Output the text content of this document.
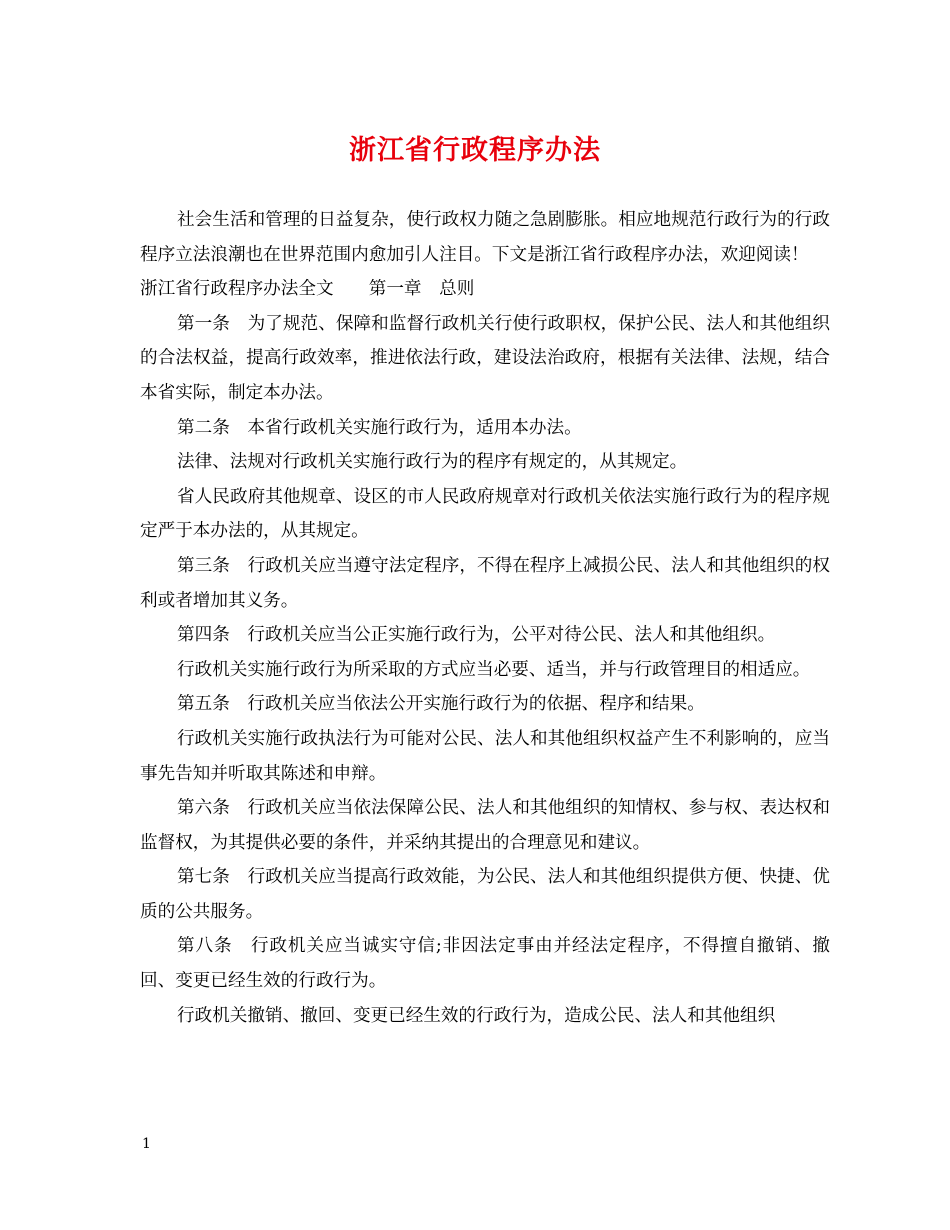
浙江省行政程序办法

社会生活和管理的日益复杂，使行政权力随之急剧膨胀。相应地规范行政行为的行政程序立法浪潮也在世界范围内愈加引人注目。下文是浙江省行政程序办法，欢迎阅读！

浙江省行政程序办法全文　　第一章　总则

第一条　为了规范、保障和监督行政机关行使行政职权，保护公民、法人和其他组织的合法权益，提高行政效率，推进依法行政，建设法治政府，根据有关法律、法规，结合本省实际，制定本办法。

第二条　本省行政机关实施行政行为，适用本办法。

法律、法规对行政机关实施行政行为的程序有规定的，从其规定。

省人民政府其他规章、设区的市人民政府规章对行政机关依法实施行政行为的程序规定严于本办法的，从其规定。

第三条　行政机关应当遵守法定程序，不得在程序上减损公民、法人和其他组织的权利或者增加其义务。

第四条　行政机关应当公正实施行政行为，公平对待公民、法人和其他组织。

行政机关实施行政行为所采取的方式应当必要、适当，并与行政管理目的相适应。

第五条　行政机关应当依法公开实施行政行为的依据、程序和结果。

行政机关实施行政执法行为可能对公民、法人和其他组织权益产生不利影响的，应当事先告知并听取其陈述和申辩。

第六条　行政机关应当依法保障公民、法人和其他组织的知情权、参与权、表达权和监督权，为其提供必要的条件，并采纳其提出的合理意见和建议。

第七条　行政机关应当提高行政效能，为公民、法人和其他组织提供方便、快捷、优质的公共服务。

第八条　行政机关应当诚实守信;非因法定事由并经法定程序，不得擅自撤销、撤回、变更已经生效的行政行为。

行政机关撤销、撤回、变更已经生效的行政行为，造成公民、法人和其他组织

1
